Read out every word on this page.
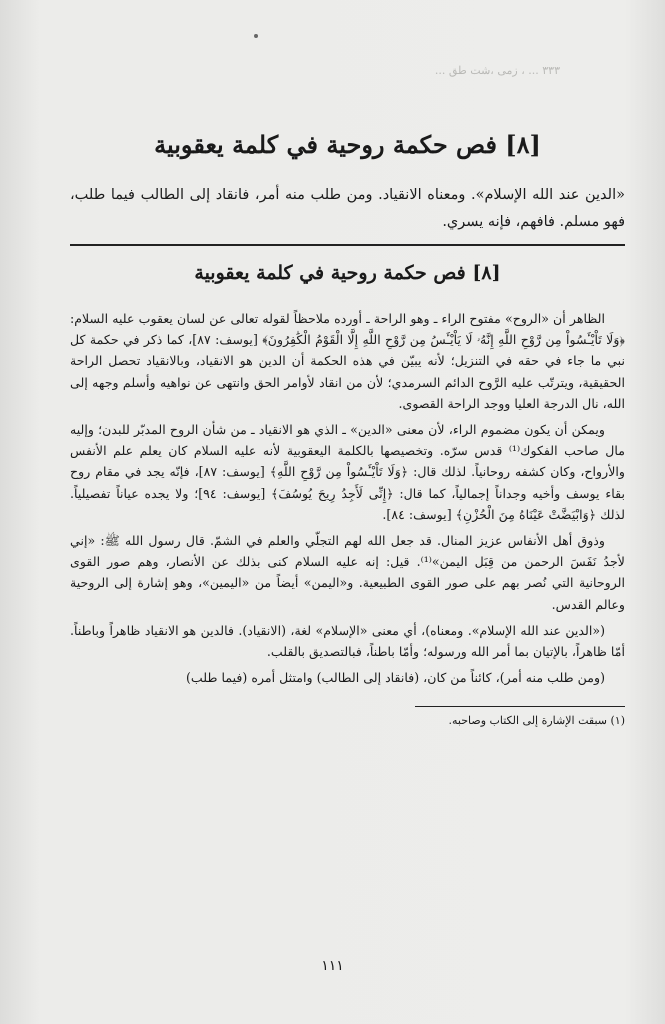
٣٣٣ ... ، زمى ،شت طق ...
[٨] فص حكمة روحية في كلمة يعقوبية

«الدين عند الله الإسلام». ومعناه الانقياد. ومن طلب منه أمر، فانقاد إلى الطالب فيما طلب، فهو مسلم. فافهم، فإنه يسري.

[٨] فص حكمة روحية في كلمة يعقوبية

الظاهر أن «الروح» مفتوح الراء ـ وهو الراحة ـ أورده ملاحظاً لقوله تعالى عن لسان يعقوب عليه السلام: ﴿وَلَا تَاْيْـَٔسُواْ مِن رَّوْحِ اللَّهِ إِنَّهُۥ لَا يَاْيْـَٔسُ مِن رَّوْحِ اللَّهِ إِلَّا الْقَوْمُ الْكَٰفِرُونَ﴾ [يوسف: ٨٧]، كما ذكر في حكمة كل نبي ما جاء في حقه في التنزيل؛ لأنه يبيّن في هذه الحكمة أن الدين هو الانقياد، وبالانقياد تحصل الراحة الحقيقية، ويترتّب عليه الرَّوح الدائم السرمدي؛ لأن من انقاد لأوامر الحق وانتهى عن نواهيه وأسلم وجهه إلى الله، نال الدرجة العليا ووجد الراحة القصوى.

ويمكن أن يكون مضموم الراء، لأن معنى «الدين» ـ الذي هو الانقياد ـ من شأن الروح المدبّر للبدن؛ وإليه مال صاحب الفكوك⁽¹⁾ قدس سرّه. وتخصيصها بالكلمة اليعقوبية لأنه عليه السلام كان يعلم علم الأنفس والأرواح، وكان كشفه روحانياً. لذلك قال: ﴿وَلَا تَاْيْـَٔسُواْ مِن رَّوْحِ اللَّهِ﴾ [يوسف: ٨٧]، فإنّه يجد في مقام روح بقاء يوسف وأخيه وجداناً إجمالياً، كما قال: ﴿إِنِّى لَأَجِدُ رِيحَ يُوسُفَ﴾ [يوسف: ٩٤]؛ ولا يجده عياناً تفصيلياً. لذلك ﴿وَابْيَضَّتْ عَيْنَاهُ مِنَ الْحُزْنِ﴾ [يوسف: ٨٤].

وذوق أهل الأنفاس عزيز المنال. قد جعل الله لهم التجلّي والعلم في الشمّ. قال رسول الله ﷺ: «إني لأجدُ نَفَسَ الرحمن من قِبَل اليمن»⁽¹⁾. قيل: إنه عليه السلام كنى بذلك عن الأنصار، وهم صور القوى الروحانية التي نُصر بهم على صور القوى الطبيعية. و«اليمن» أيضاً من «اليمين»، وهو إشارة إلى الروحية وعالم القدس.

(«الدين عند الله الإسلام». ومعناه)، أي معنى «الإسلام» لغة، (الانقياد). فالدين هو الانقياد ظاهراً وباطناً. أمّا ظاهراً، بالإتيان بما أمر الله ورسوله؛ وأمّا باطناً، فبالتصديق بالقلب.

(ومن طلب منه أمر)، كائناً من كان، (فانقاد إلى الطالب) وامتثل أمره (فيما طلب)

(١) سبقت الإشارة إلى الكتاب وصاحبه.

١١١
